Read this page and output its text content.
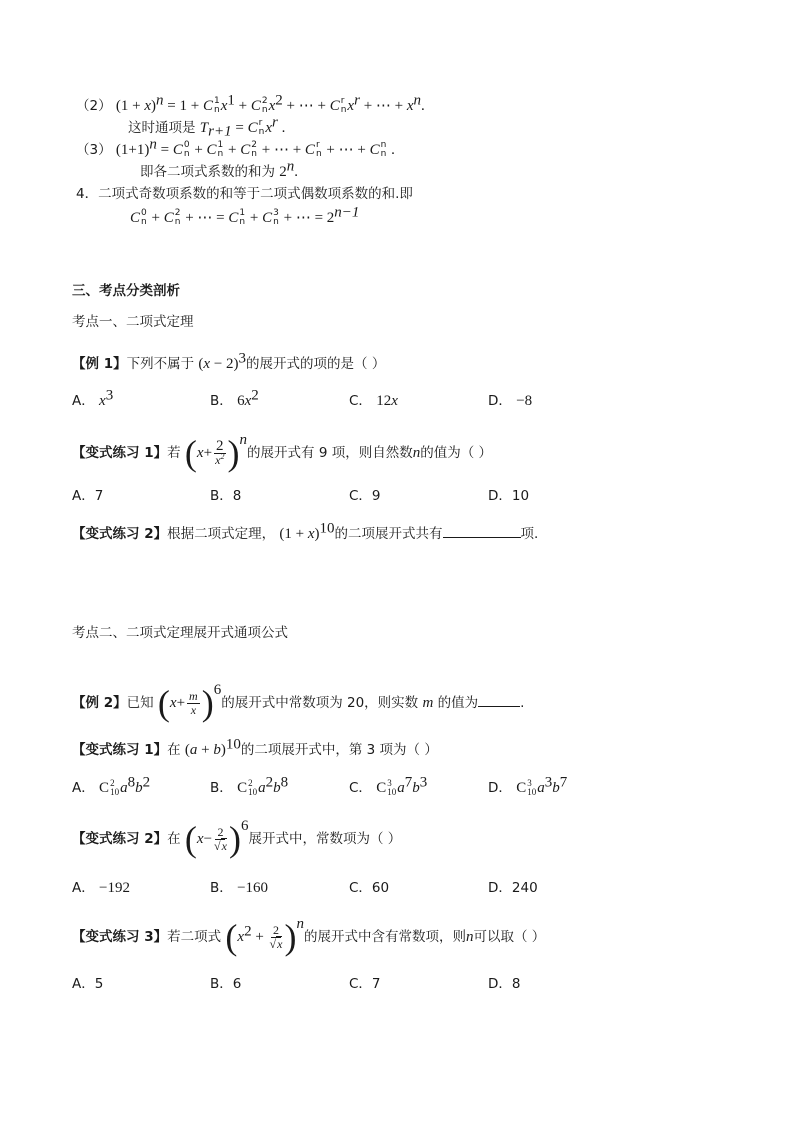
（2） $(1 + x)^n = 1 + C$ 1
n $x^1 + C$ 2
n $x^2$ + ⋯ + C r
n $x^r$ + ⋯ + $x^n$.
这时通项是 $T_{r+1} = C$ r
n $x^r$ .
（3） $(1+1)^n = C$ 0
n + C 1
n + C 2
n + ⋯ + C r
n + ⋯ + C n
n .
即各二项式系数的和为 2$^n$.
4．二项式奇数项系数的和等于二项式偶数项系数的和.即
C 0
n + C 2
n + ⋯ = C 1
n + C 3
n + ⋯ = $2^{n-1}$
三、考点分类剖析
考点一、二项式定理
【例 1】下列不属于 $(x - 2)^3$的展开式的项的是（ ）
A． $x^3$	B． $6x^2$	C． 12x	D． −8
【变式练习 1】若 $(x+ \frac{2}{x^2} )^n$的展开式有 9 项，则自然数n的值为（ ）
A．7	B．8	C．9	D．10
【变式练习 2】根据二项式定理， $(1 + x)^{10}$的二项展开式共有	项.
考点二、二项式定理展开式通项公式
【例 2】已知 $(x+ \frac{m}{x} )^6$的展开式中常数项为 20，则实数 m 的值为	.
【变式练习 1】在 $(a + b)^{10}$的二项展开式中，第 3 项为（ ）
A． C 2
10 $a^8b^2$	B． C 2
10 $a^2b^8$	C． C 3
10 $a^7b^3$	D． C 3
10 $a^3b^7$
【变式练习 2】在 $(x- \frac{2}{√x} )^6$展开式中，常数项为（ ）
A． −192	B． −160	C．60	D．240
【变式练习 3】若二项式 $(x^2 + \frac{2}{√x} )^n$的展开式中含有常数项，则n可以取（ ）
A．5	B．6	C．7	D．8
